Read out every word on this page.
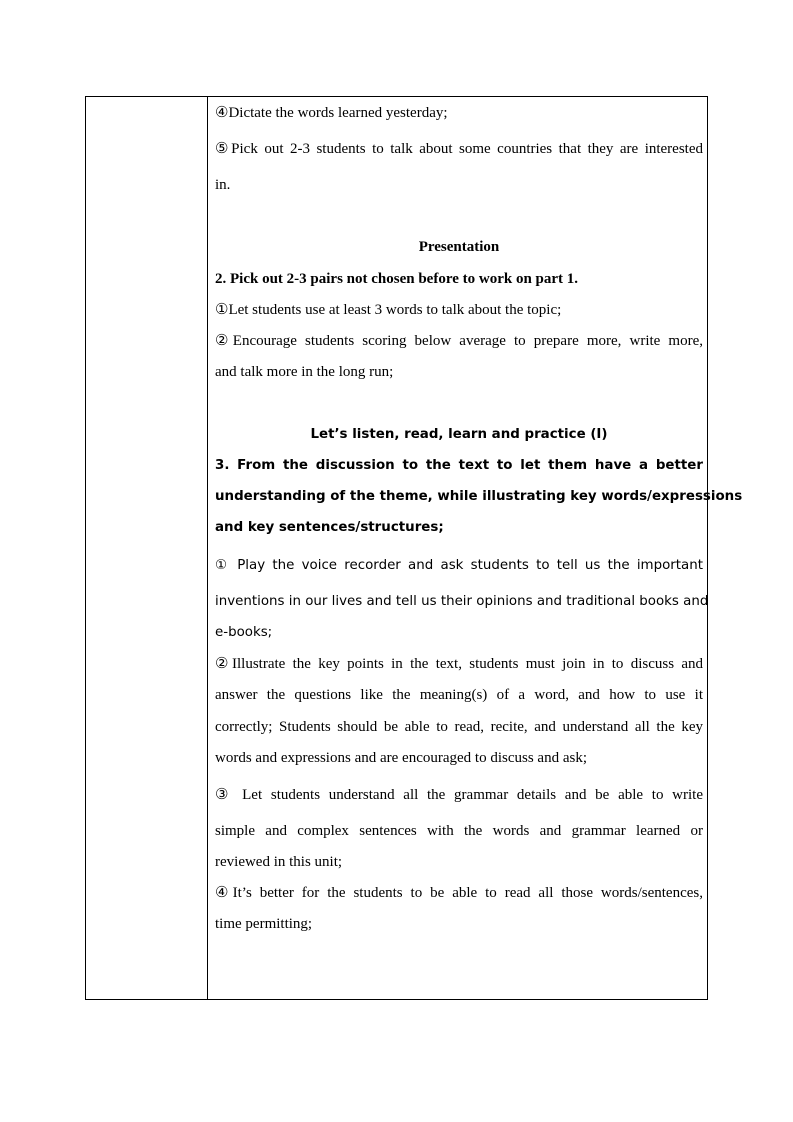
④Dictate the words learned yesterday;

⑤Pick out 2-3 students to talk about some countries that they are interested

in.

Presentation

2. Pick out 2-3 pairs not chosen before to work on part 1.

①Let students use at least 3 words to talk about the topic;

②Encourage students scoring below average to prepare more, write more,

and talk more in the long run;

Let’s listen, read, learn and practice (I)

3. From the discussion to the text to let them have a better

understanding of the theme, while illustrating key words/expressions

and key sentences/structures;

① Play the voice recorder and ask students to tell us the important

inventions in our lives and tell us their opinions and traditional books and

e-books;

②Illustrate the key points in the text, students must join in to discuss and

answer the questions like the meaning(s) of a word, and how to use it

correctly; Students should be able to read, recite, and understand all the key

words and expressions and are encouraged to discuss and ask;

③ Let students understand all the grammar details and be able to write

simple and complex sentences with the words and grammar learned or

reviewed in this unit;

④It’s better for the students to be able to read all those words/sentences,

time permitting;
